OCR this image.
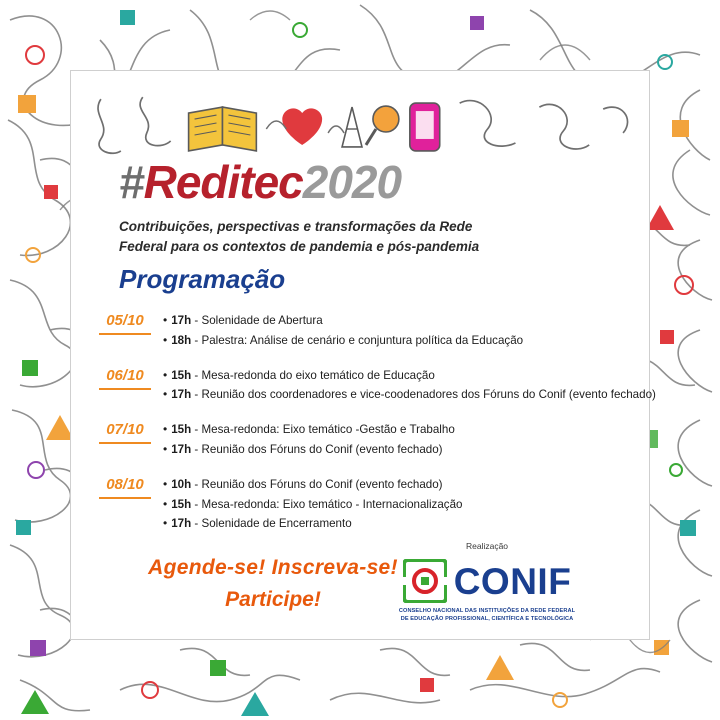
#Reditec2020
Contribuições, perspectivas e transformações da Rede
Federal para os contextos de pandemia e pós-pandemia
Programação
05/10	• 17h - Solenidade de Abertura
• 18h - Palestra: Análise de cenário e conjuntura política da Educação
06/10	• 15h - Mesa-redonda do eixo temático de Educação
• 17h - Reunião dos coordenadores e vice-coodenadores dos Fóruns do Conif (evento fechado)
07/10	• 15h - Mesa-redonda: Eixo temático -Gestão e Trabalho
• 17h - Reunião dos Fóruns do Conif (evento fechado)
08/10	• 10h - Reunião dos Fóruns do Conif (evento fechado)
• 15h - Mesa-redonda: Eixo temático - Internacionalização
• 17h - Solenidade de Encerramento
Agende-se! Inscreva-se!
Participe!
Realização
CONIF
CONSELHO NACIONAL DAS INSTITUIÇÕES DA REDE FEDERAL
DE EDUCAÇÃO PROFISSIONAL, CIENTÍFICA E TECNOLÓGICA
